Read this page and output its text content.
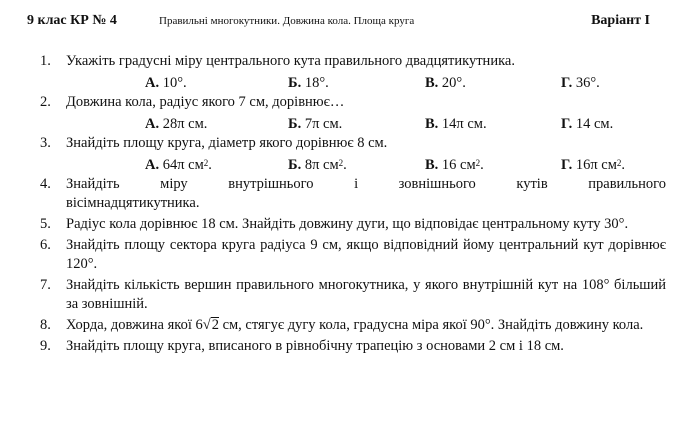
9 клас КР № 4	Правильні многокутники. Довжина кола. Площа круга	Варіант І
1.	Укажіть градусні міру центрального кута правильного двадцятикутника.
А. 10°.	Б. 18°.	В. 20°.	Г. 36°.
2.	Довжина кола, радіус якого 7 см, дорівнює…
А. 28π см.	Б. 7π см.	В. 14π см.	Г. 14 см.
3.	Знайдіть площу круга, діаметр якого дорівнює 8 см.
А. 64π $см^2$.	Б. 8π $см^2$.	В. 16 $см^2$.	Г. 16π $см^2$.
4.	Знайдіть	міру	внутрішнього	і	зовнішнього	кутів	правильного
вісімнадцятикутника.
5.	Радіус кола дорівнює 18 см. Знайдіть довжину дуги, що відповідає центральному куту 30°.
6.	Знайдіть площу сектора круга радіуса 9 см, якщо відповідний йому центральний кут дорівнює 120°.
7.	Знайдіть кількість вершин правильного многокутника, у якого внутрішній кут на 108° більший за зовнішній.
8.	Хорда, довжина якої 6√2 см, стягує дугу кола, градусна міра якої 90°. Знайдіть довжину кола.
9.	Знайдіть площу круга, вписаного в рівнобічну трапецію з основами 2 см і 18 см.
